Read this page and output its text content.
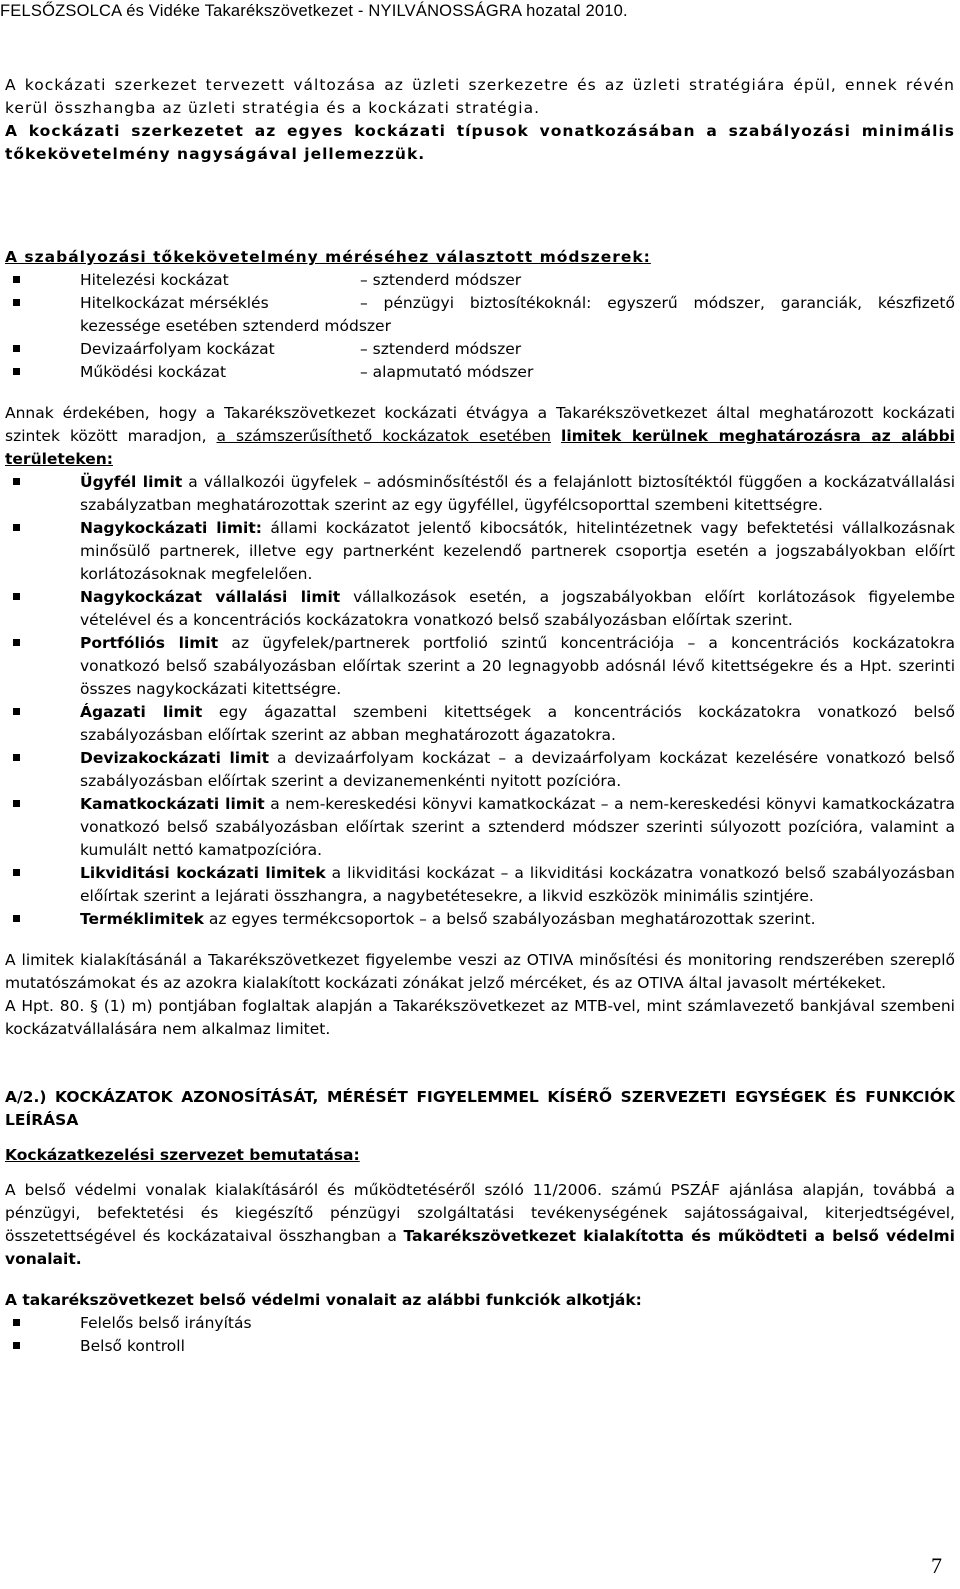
FELSŐZSOLCA és Vidéke Takarékszövetkezet - NYILVÁNOSSÁGRA hozatal 2010.

A kockázati szerkezet tervezett változása az üzleti szerkezetre és az üzleti stratégiára épül, ennek révén kerül összhangba az üzleti stratégia és a kockázati stratégia.

A kockázati szerkezetet az egyes kockázati típusok vonatkozásában a szabályozási minimális tőkekövetelmény nagyságával jellemezzük.

A szabályozási tőkekövetelmény méréséhez választott módszerek:

Hitelezési kockázat	– sztenderd módszer
Hitelkockázat mérséklés	– pénzügyi biztosítékoknál: egyszerű módszer, garanciák, készfizető kezessége esetében sztenderd módszer
Devizaárfolyam kockázat	– sztenderd módszer
Működési kockázat	– alapmutató módszer

Annak érdekében, hogy a Takarékszövetkezet kockázati étvágya a Takarékszövetkezet által meghatározott kockázati szintek között maradjon, a számszerűsíthető kockázatok esetében limitek kerülnek meghatározásra az alábbi területeken:

Ügyfél limit a vállalkozói ügyfelek – adósminősítéstől és a felajánlott biztosítéktól függően a kockázatvállalási szabályzatban meghatározottak szerint az egy ügyféllel, ügyfélcsoporttal szembeni kitettségre.
Nagykockázati limit: állami kockázatot jelentő kibocsátók, hitelintézetnek vagy befektetési vállalkozásnak minősülő partnerek, illetve egy partnerként kezelendő partnerek csoportja esetén a jogszabályokban előírt korlátozásoknak megfelelően.
Nagykockázat vállalási limit vállalkozások esetén, a jogszabályokban előírt korlátozások figyelembe vételével és a koncentrációs kockázatokra vonatkozó belső szabályozásban előírtak szerint.
Portfóliós limit az ügyfelek/partnerek portfolió szintű koncentrációja – a koncentrációs kockázatokra vonatkozó belső szabályozásban előírtak szerint a 20 legnagyobb adósnál lévő kitettségekre és a Hpt. szerinti összes nagykockázati kitettségre.
Ágazati limit egy ágazattal szembeni kitettségek a koncentrációs kockázatokra vonatkozó belső szabályozásban előírtak szerint az abban meghatározott ágazatokra.
Devizakockázati limit a devizaárfolyam kockázat – a devizaárfolyam kockázat kezelésére vonatkozó belső szabályozásban előírtak szerint a devizanemenkénti nyitott pozícióra.
Kamatkockázati limit a nem-kereskedési könyvi kamatkockázat – a nem-kereskedési könyvi kamatkockázatra vonatkozó belső szabályozásban előírtak szerint a sztenderd módszer szerinti súlyozott pozícióra, valamint a kumulált nettó kamatpozícióra.
Likviditási kockázati limitek a likviditási kockázat – a likviditási kockázatra vonatkozó belső szabályozásban előírtak szerint a lejárati összhangra, a nagybetétesekre, a likvid eszközök minimális szintjére.
Terméklimitek az egyes termékcsoportok – a belső szabályozásban meghatározottak szerint.

A limitek kialakításánál a Takarékszövetkezet figyelembe veszi az OTIVA minősítési és monitoring rendszerében szereplő mutatószámokat és az azokra kialakított kockázati zónákat jelző mércéket, és az OTIVA által javasolt mértékeket.

A Hpt. 80. § (1) m) pontjában foglaltak alapján a Takarékszövetkezet az MTB-vel, mint számlavezető bankjával szembeni kockázatvállalására nem alkalmaz limitet.

A/2.) KOCKÁZATOK AZONOSÍTÁSÁT, MÉRÉSÉT FIGYELEMMEL KÍSÉRŐ SZERVEZETI EGYSÉGEK ÉS FUNKCIÓK LEÍRÁSA

Kockázatkezelési szervezet bemutatása:

A belső védelmi vonalak kialakításáról és működtetéséről szóló 11/2006. számú PSZÁF ajánlása alapján, továbbá a pénzügyi, befektetési és kiegészítő pénzügyi szolgáltatási tevékenységének sajátosságaival, kiterjedtségével, összetettségével és kockázataival összhangban a Takarékszövetkezet kialakította és működteti a belső védelmi vonalait.

A takarékszövetkezet belső védelmi vonalait az alábbi funkciók alkotják:

Felelős belső irányítás
Belső kontroll
7
